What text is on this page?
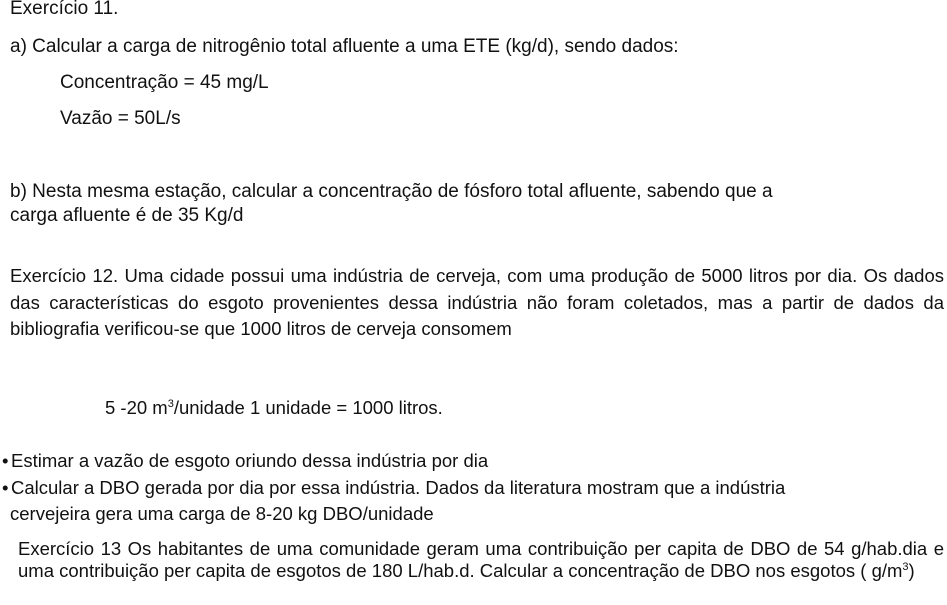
Exercício 11.

a) Calcular a carga de nitrogênio total afluente a uma ETE (kg/d), sendo dados:

Concentração = 45 mg/L

Vazão = 50L/s

b) Nesta mesma estação, calcular a concentração de fósforo total afluente, sabendo que a

carga afluente é de 35 Kg/d

Exercício 12. Uma cidade possui uma indústria de cerveja, com uma produção de 5000 litros por dia. Os dados das características do esgoto provenientes dessa indústria não foram coletados, mas a partir de dados da bibliografia verificou-se que 1000 litros de cerveja consomem

5 -20 $m^3$/unidade 1 unidade = 1000 litros.

• Estimar a vazão de esgoto oriundo dessa indústria por dia

• Calcular a DBO gerada por dia por essa indústria. Dados da literatura mostram que a indústria

cervejeira gera uma carga de 8-20 kg DBO/unidade

Exercício 13 Os habitantes de uma comunidade geram uma contribuição per capita de DBO de 54 g/hab.dia e uma contribuição per capita de esgotos de 180 L/hab.d. Calcular a concentração de DBO nos esgotos ( $g/m^3$)
